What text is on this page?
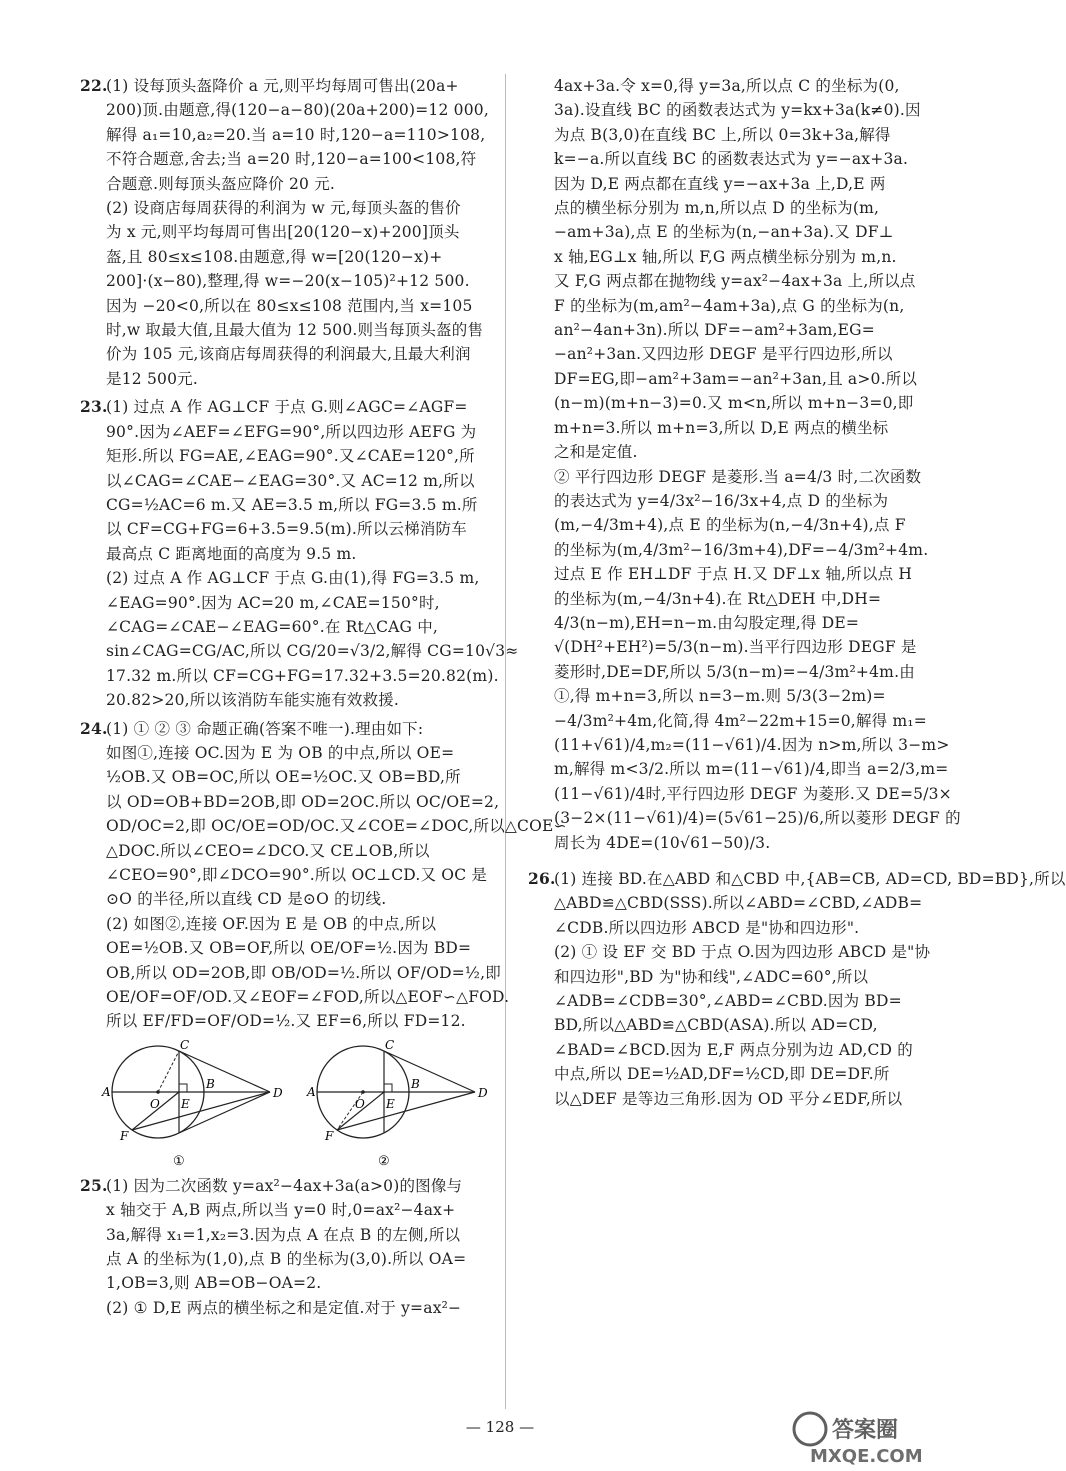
22.(1) 设每顶头盔降价 a 元,则平均每周可售出(20a+
200)顶.由题意,得(120−a−80)(20a+200)=12 000,
解得 a₁=10,a₂=20.当 a=10 时,120−a=110>108,
不符合题意,舍去;当 a=20 时,120−a=100<108,符
合题意.则每顶头盔应降价 20 元.
(2) 设商店每周获得的利润为 w 元,每顶头盔的售价
为 x 元,则平均每周可售出[20(120−x)+200]顶头
盔,且 80≤x≤108.由题意,得 w=[20(120−x)+
200]·(x−80),整理,得 w=−20(x−105)²+12 500.
因为 −20<0,所以在 80≤x≤108 范围内,当 x=105
时,w 取最大值,且最大值为 12 500.则当每顶头盔的售
价为 105 元,该商店每周获得的利润最大,且最大利润
是12 500元.
23.(1) 过点 A 作 AG⊥CF 于点 G.则∠AGC=∠AGF=
90°.因为∠AEF=∠EFG=90°,所以四边形 AEFG 为
矩形.所以 FG=AE,∠EAG=90°.又∠CAE=120°,所
以∠CAG=∠CAE−∠EAG=30°.又 AC=12 m,所以
CG=½AC=6 m.又 AE=3.5 m,所以 FG=3.5 m.所
以 CF=CG+FG=6+3.5=9.5(m).所以云梯消防车
最高点 C 距离地面的高度为 9.5 m.
(2) 过点 A 作 AG⊥CF 于点 G.由(1),得 FG=3.5 m,
∠EAG=90°.因为 AC=20 m,∠CAE=150°时,
∠CAG=∠CAE−∠EAG=60°.在 Rt△CAG 中,
sin∠CAG=CG/AC,所以 CG/20=√3/2,解得 CG=10√3≈
17.32 m.所以 CF=CG+FG=17.32+3.5=20.82(m).
20.82>20,所以该消防车能实施有效救援.
24.(1) ① ② ③ 命题正确(答案不唯一).理由如下:
如图①,连接 OC.因为 E 为 OB 的中点,所以 OE=
½OB.又 OB=OC,所以 OE=½OC.又 OB=BD,所
以 OD=OB+BD=2OB,即 OD=2OC.所以 OC/OE=2,
OD/OC=2,即 OC/OE=OD/OC.又∠COE=∠DOC,所以△COE∽
△DOC.所以∠CEO=∠DCO.又 CE⊥OB,所以
∠CEO=90°,即∠DCO=90°.所以 OC⊥CD.又 OC 是
⊙O 的半径,所以直线 CD 是⊙O 的切线.
(2) 如图②,连接 OF.因为 E 是 OB 的中点,所以
OE=½OB.又 OB=OF,所以 OE/OF=½.因为 BD=
OB,所以 OD=2OB,即 OB/OD=½.所以 OF/OD=½,即
OE/OF=OF/OD.又∠EOF=∠FOD,所以△EOF∽△FOD.
所以 EF/FD=OF/OD=½.又 EF=6,所以 FD=12.
A
C
O E
B
D
F
①
A
C
O E
B
D
F
②
25.(1) 因为二次函数 y=ax²−4ax+3a(a>0)的图像与
x 轴交于 A,B 两点,所以当 y=0 时,0=ax²−4ax+
3a,解得 x₁=1,x₂=3.因为点 A 在点 B 的左侧,所以
点 A 的坐标为(1,0),点 B 的坐标为(3,0).所以 OA=
1,OB=3,则 AB=OB−OA=2.
(2) ① D,E 两点的横坐标之和是定值.对于 y=ax²−
4ax+3a.令 x=0,得 y=3a,所以点 C 的坐标为(0,
3a).设直线 BC 的函数表达式为 y=kx+3a(k≠0).因
为点 B(3,0)在直线 BC 上,所以 0=3k+3a,解得
k=−a.所以直线 BC 的函数表达式为 y=−ax+3a.
因为 D,E 两点都在直线 y=−ax+3a 上,D,E 两
点的横坐标分别为 m,n,所以点 D 的坐标为(m,
−am+3a),点 E 的坐标为(n,−an+3a).又 DF⊥
x 轴,EG⊥x 轴,所以 F,G 两点横坐标分别为 m,n.
又 F,G 两点都在抛物线 y=ax²−4ax+3a 上,所以点
F 的坐标为(m,am²−4am+3a),点 G 的坐标为(n,
an²−4an+3n).所以 DF=−am²+3am,EG=
−an²+3an.又四边形 DEGF 是平行四边形,所以
DF=EG,即−am²+3am=−an²+3an,且 a>0.所以
(n−m)(m+n−3)=0.又 m<n,所以 m+n−3=0,即
m+n=3.所以 m+n=3,所以 D,E 两点的横坐标
之和是定值.
② 平行四边形 DEGF 是菱形.当 a=4/3 时,二次函数
的表达式为 y=4/3x²−16/3x+4,点 D 的坐标为
(m,−4/3m+4),点 E 的坐标为(n,−4/3n+4),点 F
的坐标为(m,4/3m²−16/3m+4),DF=−4/3m²+4m.
过点 E 作 EH⊥DF 于点 H.又 DF⊥x 轴,所以点 H
的坐标为(m,−4/3n+4).在 Rt△DEH 中,DH=
4/3(n−m),EH=n−m.由勾股定理,得 DE=
√(DH²+EH²)=5/3(n−m).当平行四边形 DEGF 是
菱形时,DE=DF,所以 5/3(n−m)=−4/3m²+4m.由
①,得 m+n=3,所以 n=3−m.则 5/3(3−2m)=
−4/3m²+4m,化简,得 4m²−22m+15=0,解得 m₁=
(11+√61)/4,m₂=(11−√61)/4.因为 n>m,所以 3−m>
m,解得 m<3/2.所以 m=(11−√61)/4,即当 a=2/3,m=
(11−√61)/4时,平行四边形 DEGF 为菱形.又 DE=5/3×
(3−2×(11−√61)/4)=(5√61−25)/6,所以菱形 DEGF 的
周长为 4DE=(10√61−50)/3.
26.(1) 连接 BD.在△ABD 和△CBD 中,{AB=CB, AD=CD, BD=BD},所以
△ABD≌△CBD(SSS).所以∠ABD=∠CBD,∠ADB=
∠CDB.所以四边形 ABCD 是"协和四边形".
(2) ① 设 EF 交 BD 于点 O.因为四边形 ABCD 是"协
和四边形",BD 为"协和线",∠ADC=60°,所以
∠ADB=∠CDB=30°,∠ABD=∠CBD.因为 BD=
BD,所以△ABD≌△CBD(ASA).所以 AD=CD,
∠BAD=∠BCD.因为 E,F 两点分别为边 AD,CD 的
中点,所以 DE=½AD,DF=½CD,即 DE=DF.所
以△DEF 是等边三角形.因为 OD 平分∠EDF,所以
— 128 —	答案圈
MXQE.COM
